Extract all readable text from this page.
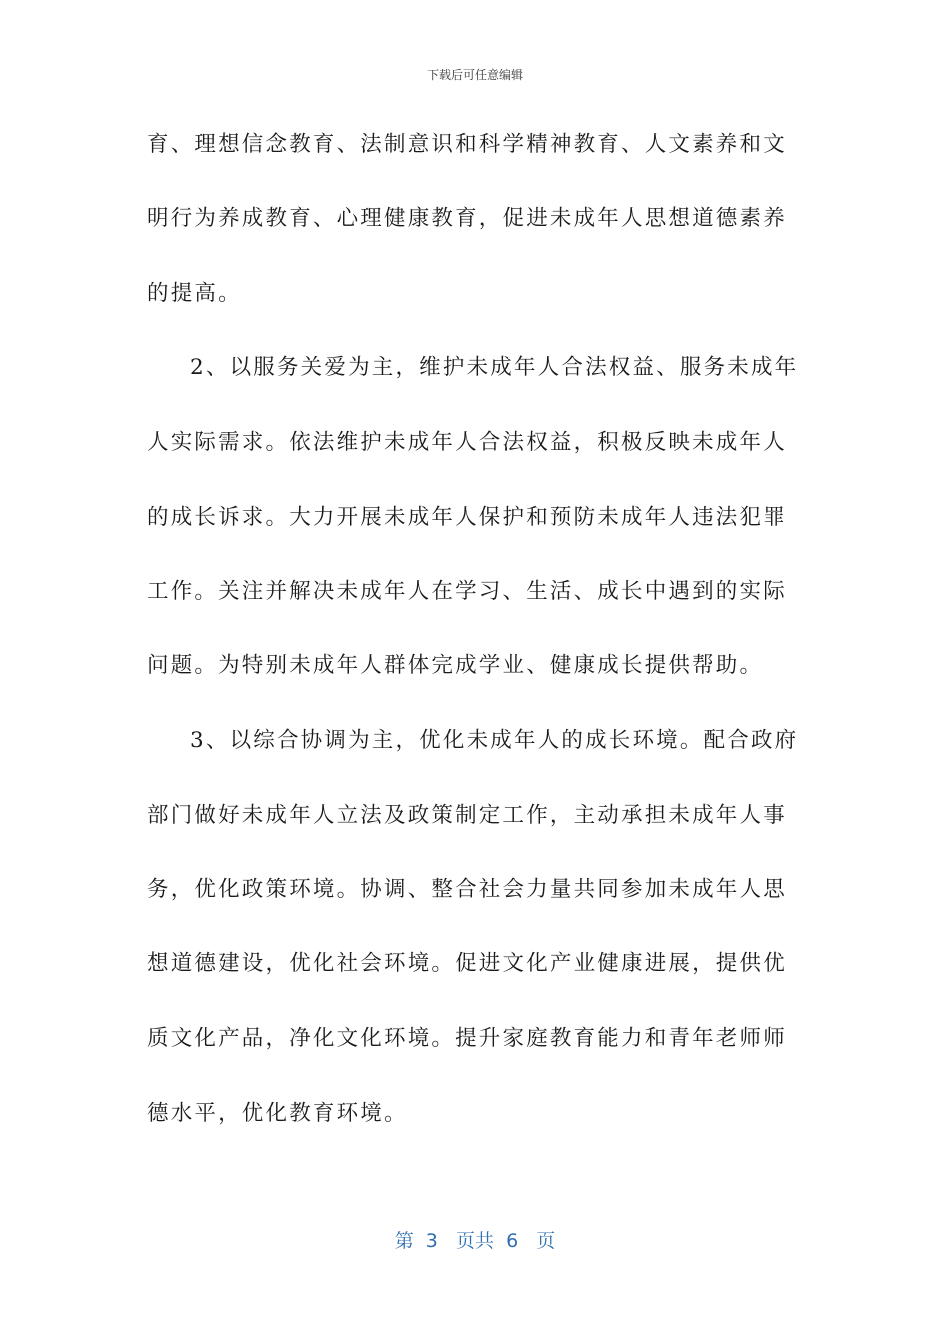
下载后可任意编辑
育、理想信念教育、法制意识和科学精神教育、人文素养和文
明行为养成教育、心理健康教育，促进未成年人思想道德素养
的提高。
2、以服务关爱为主，维护未成年人合法权益、服务未成年
人实际需求。依法维护未成年人合法权益，积极反映未成年人
的成长诉求。大力开展未成年人保护和预防未成年人违法犯罪
工作。关注并解决未成年人在学习、生活、成长中遇到的实际
问题。为特别未成年人群体完成学业、健康成长提供帮助。
3、以综合协调为主，优化未成年人的成长环境。配合政府
部门做好未成年人立法及政策制定工作，主动承担未成年人事
务，优化政策环境。协调、整合社会力量共同参加未成年人思
想道德建设，优化社会环境。促进文化产业健康进展，提供优
质文化产品，净化文化环境。提升家庭教育能力和青年老师师
德水平，优化教育环境。
第  3   页共  6   页
